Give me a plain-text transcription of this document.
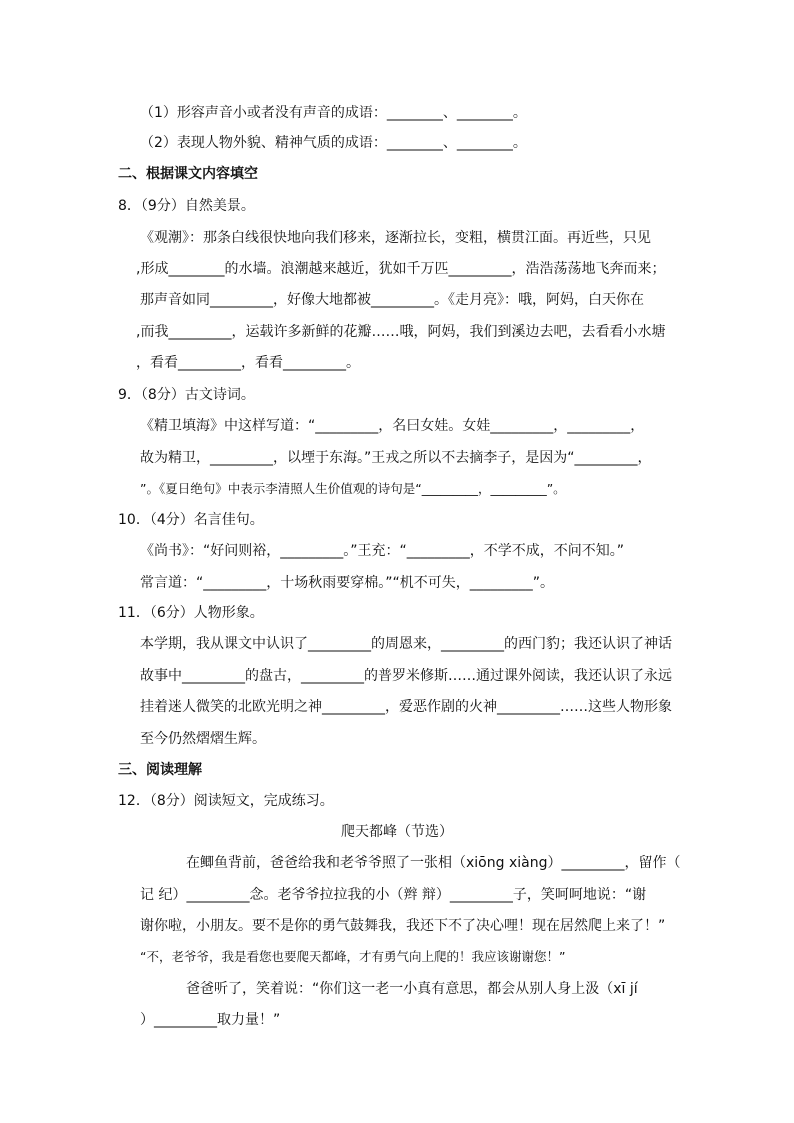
（1）形容声音小或者没有声音的成语：________、________。
（2）表现人物外貌、精神气质的成语：________、________。
二、根据课文内容填空
8．（9分）自然美景。
《观潮》：那条白线很快地向我们移来，逐渐拉长，变粗，横贯江面。再近些，只见
,形成________的水墙。浪潮越来越近，犹如千万匹_________，浩浩荡荡地飞奔而来；
那声音如同_________，好像大地都被_________。《走月亮》：哦，阿妈，白天你在
,而我_________，运载许多新鲜的花瓣……哦，阿妈，我们到溪边去吧，去看看小水塘
，看看_________，看看_________。
9．（8分）古文诗词。
《精卫填海》中这样写道：“_________，名曰女娃。女娃_________，_________，
故为精卫，_________，以堙于东海。”王戎之所以不去摘李子，是因为“_________，
”。《夏日绝句》中表示李清照人生价值观的诗句是“_________，_________”。
10．（4分）名言佳句。
《尚书》：“好问则裕，_________。”王充：“_________，不学不成，不问不知。”
常言道：“_________，十场秋雨要穿棉。”“机不可失，_________”。
11．（6分）人物形象。
本学期，我从课文中认识了_________的周恩来，_________的西门豹；我还认识了神话
故事中_________的盘古，_________的普罗米修斯……通过课外阅读，我还认识了永远
挂着迷人微笑的北欧光明之神_________，爱恶作剧的火神_________……这些人物形象
至今仍然熠熠生辉。
三、阅读理解
12．（8分）阅读短文，完成练习。
爬天都峰（节选）
在鲫鱼背前，爸爸给我和老爷爷照了一张相（xiōng xiàng）_________，留作（
记 纪）_________念。老爷爷拉拉我的小（辫 辩）_________子，笑呵呵地说：“谢
谢你啦，小朋友。要不是你的勇气鼓舞我，我还下不了决心哩！现在居然爬上来了！”
“不，老爷爷，我是看您也要爬天都峰，才有勇气向上爬的！我应该谢谢您！”
爸爸听了，笑着说：“你们这一老一小真有意思，都会从别人身上汲（xī jí
）_________取力量！”
